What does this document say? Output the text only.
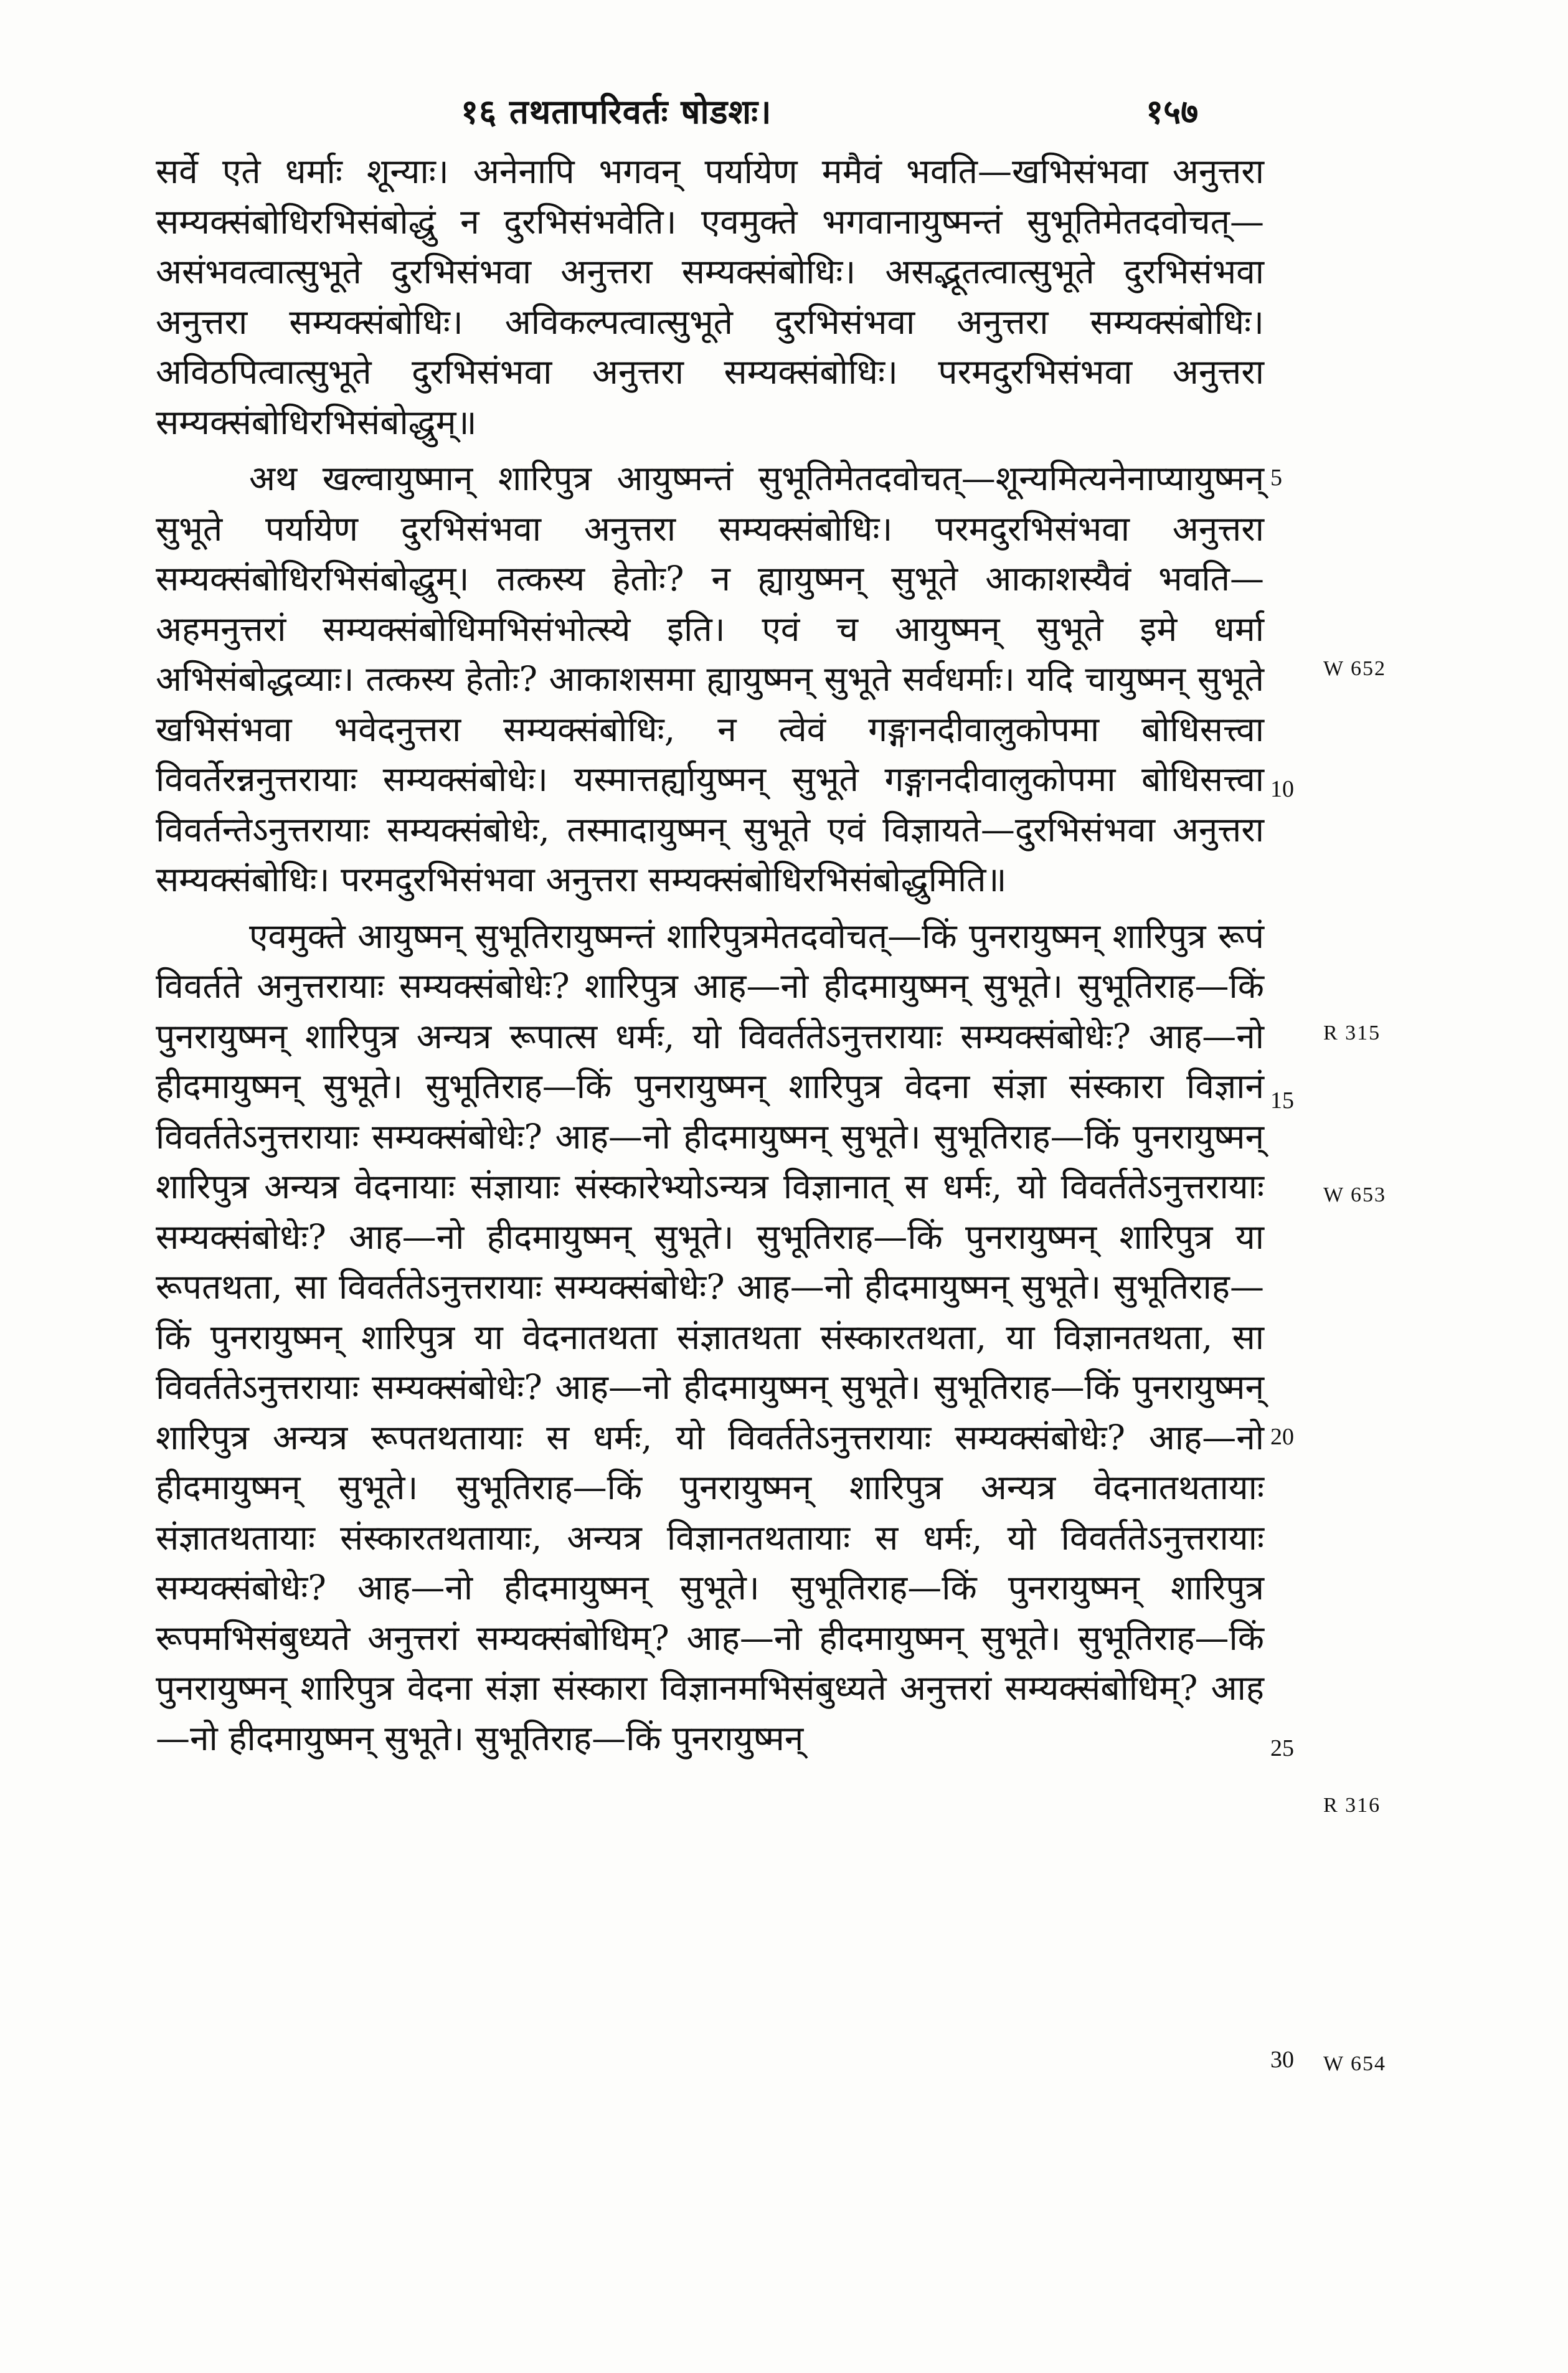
१६ तथतापरिवर्तः षोडशः।	१५७

सर्वे एते धर्माः शून्याः। अनेनापि भगवन् पर्यायेण ममैवं भवति—खभिसंभवा अनुत्तरा सम्यक्संबोधिरभिसंबोद्धुं न दुरभिसंभवेति। एवमुक्ते भगवानायुष्मन्तं सुभूतिमेतदवोचत्— असंभवत्वात्सुभूते दुरभिसंभवा अनुत्तरा सम्यक्संबोधिः। असद्भूतत्वात्सुभूते दुरभिसंभवा अनुत्तरा सम्यक्संबोधिः। अविकल्पत्वात्सुभूते दुरभिसंभवा अनुत्तरा सम्यक्संबोधिः। अविठपित्वात्सुभूते दुरभिसंभवा अनुत्तरा सम्यक्संबोधिः। परमदुरभिसंभवा अनुत्तरा सम्यक्संबोधिरभिसंबोद्धुम्॥

अथ खल्वायुष्मान् शारिपुत्र आयुष्मन्तं सुभूतिमेतदवोचत्—शून्यमित्यनेनाप्यायुष्मन् सुभूते पर्यायेण दुरभिसंभवा अनुत्तरा सम्यक्संबोधिः। परमदुरभिसंभवा अनुत्तरा सम्यक्संबोधिरभिसंबोद्धुम्। तत्कस्य हेतोः? न ह्यायुष्मन् सुभूते आकाशस्यैवं भवति— अहमनुत्तरां सम्यक्संबोधिमभिसंभोत्स्ये इति। एवं च आयुष्मन् सुभूते इमे धर्मा अभिसंबोद्धव्याः। तत्कस्य हेतोः? आकाशसमा ह्यायुष्मन् सुभूते सर्वधर्माः। यदि चायुष्मन् सुभूते खभिसंभवा भवेदनुत्तरा सम्यक्संबोधिः, न त्वेवं गङ्गानदीवालुकोपमा बोधिसत्त्वा विवर्तेरन्ननुत्तरायाः सम्यक्संबोधेः। यस्मात्तर्ह्यायुष्मन् सुभूते गङ्गानदीवालुकोपमा बोधिसत्त्वा विवर्तन्तेऽनुत्तरायाः सम्यक्संबोधेः, तस्मादायुष्मन् सुभूते एवं विज्ञायते—दुरभिसंभवा अनुत्तरा सम्यक्संबोधिः। परमदुरभिसंभवा अनुत्तरा सम्यक्संबोधिरभिसंबोद्धुमिति॥

एवमुक्ते आयुष्मन् सुभूतिरायुष्मन्तं शारिपुत्रमेतदवोचत्—किं पुनरायुष्मन् शारिपुत्र रूपं विवर्तते अनुत्तरायाः सम्यक्संबोधेः? शारिपुत्र आह—नो हीदमायुष्मन् सुभूते। सुभूतिराह—किं पुनरायुष्मन् शारिपुत्र अन्यत्र रूपात्स धर्मः, यो विवर्ततेऽनुत्तरायाः सम्यक्संबोधेः? आह—नो हीदमायुष्मन् सुभूते। सुभूतिराह—किं पुनरायुष्मन् शारिपुत्र वेदना संज्ञा संस्कारा विज्ञानं विवर्ततेऽनुत्तरायाः सम्यक्संबोधेः? आह—नो हीदमायुष्मन् सुभूते। सुभूतिराह—किं पुनरायुष्मन् शारिपुत्र अन्यत्र वेदनायाः संज्ञायाः संस्कारेभ्योऽन्यत्र विज्ञानात् स धर्मः, यो विवर्ततेऽनुत्तरायाः सम्यक्संबोधेः? आह—नो हीदमायुष्मन् सुभूते। सुभूतिराह—किं पुनरायुष्मन् शारिपुत्र या रूपतथता, सा विवर्ततेऽनुत्तरायाः सम्यक्संबोधेः? आह—नो हीदमायुष्मन् सुभूते। सुभूतिराह—किं पुनरायुष्मन् शारिपुत्र या वेदनातथता संज्ञातथता संस्कारतथता, या विज्ञानतथता, सा विवर्ततेऽनुत्तरायाः सम्यक्संबोधेः? आह—नो हीदमायुष्मन् सुभूते। सुभूतिराह—किं पुनरायुष्मन् शारिपुत्र अन्यत्र रूपतथतायाः स धर्मः, यो विवर्ततेऽनुत्तरायाः सम्यक्संबोधेः? आह—नो हीदमायुष्मन् सुभूते। सुभूतिराह—किं पुनरायुष्मन् शारिपुत्र अन्यत्र वेदनातथतायाः संज्ञातथतायाः संस्कारतथतायाः, अन्यत्र विज्ञानतथतायाः स धर्मः, यो विवर्ततेऽनुत्तरायाः सम्यक्संबोधेः? आह—नो हीदमायुष्मन् सुभूते। सुभूतिराह—किं पुनरायुष्मन् शारिपुत्र रूपमभिसंबुध्यते अनुत्तरां सम्यक्संबोधिम्? आह—नो हीदमायुष्मन् सुभूते। सुभूतिराह—किं पुनरायुष्मन् शारिपुत्र वेदना संज्ञा संस्कारा विज्ञानमभिसंबुध्यते अनुत्तरां सम्यक्संबोधिम्? आह—नो हीदमायुष्मन् सुभूते। सुभूतिराह—किं पुनरायुष्मन्

5
10
15
20
25
30
W 652
R 315
W 653
R 316
W 654
